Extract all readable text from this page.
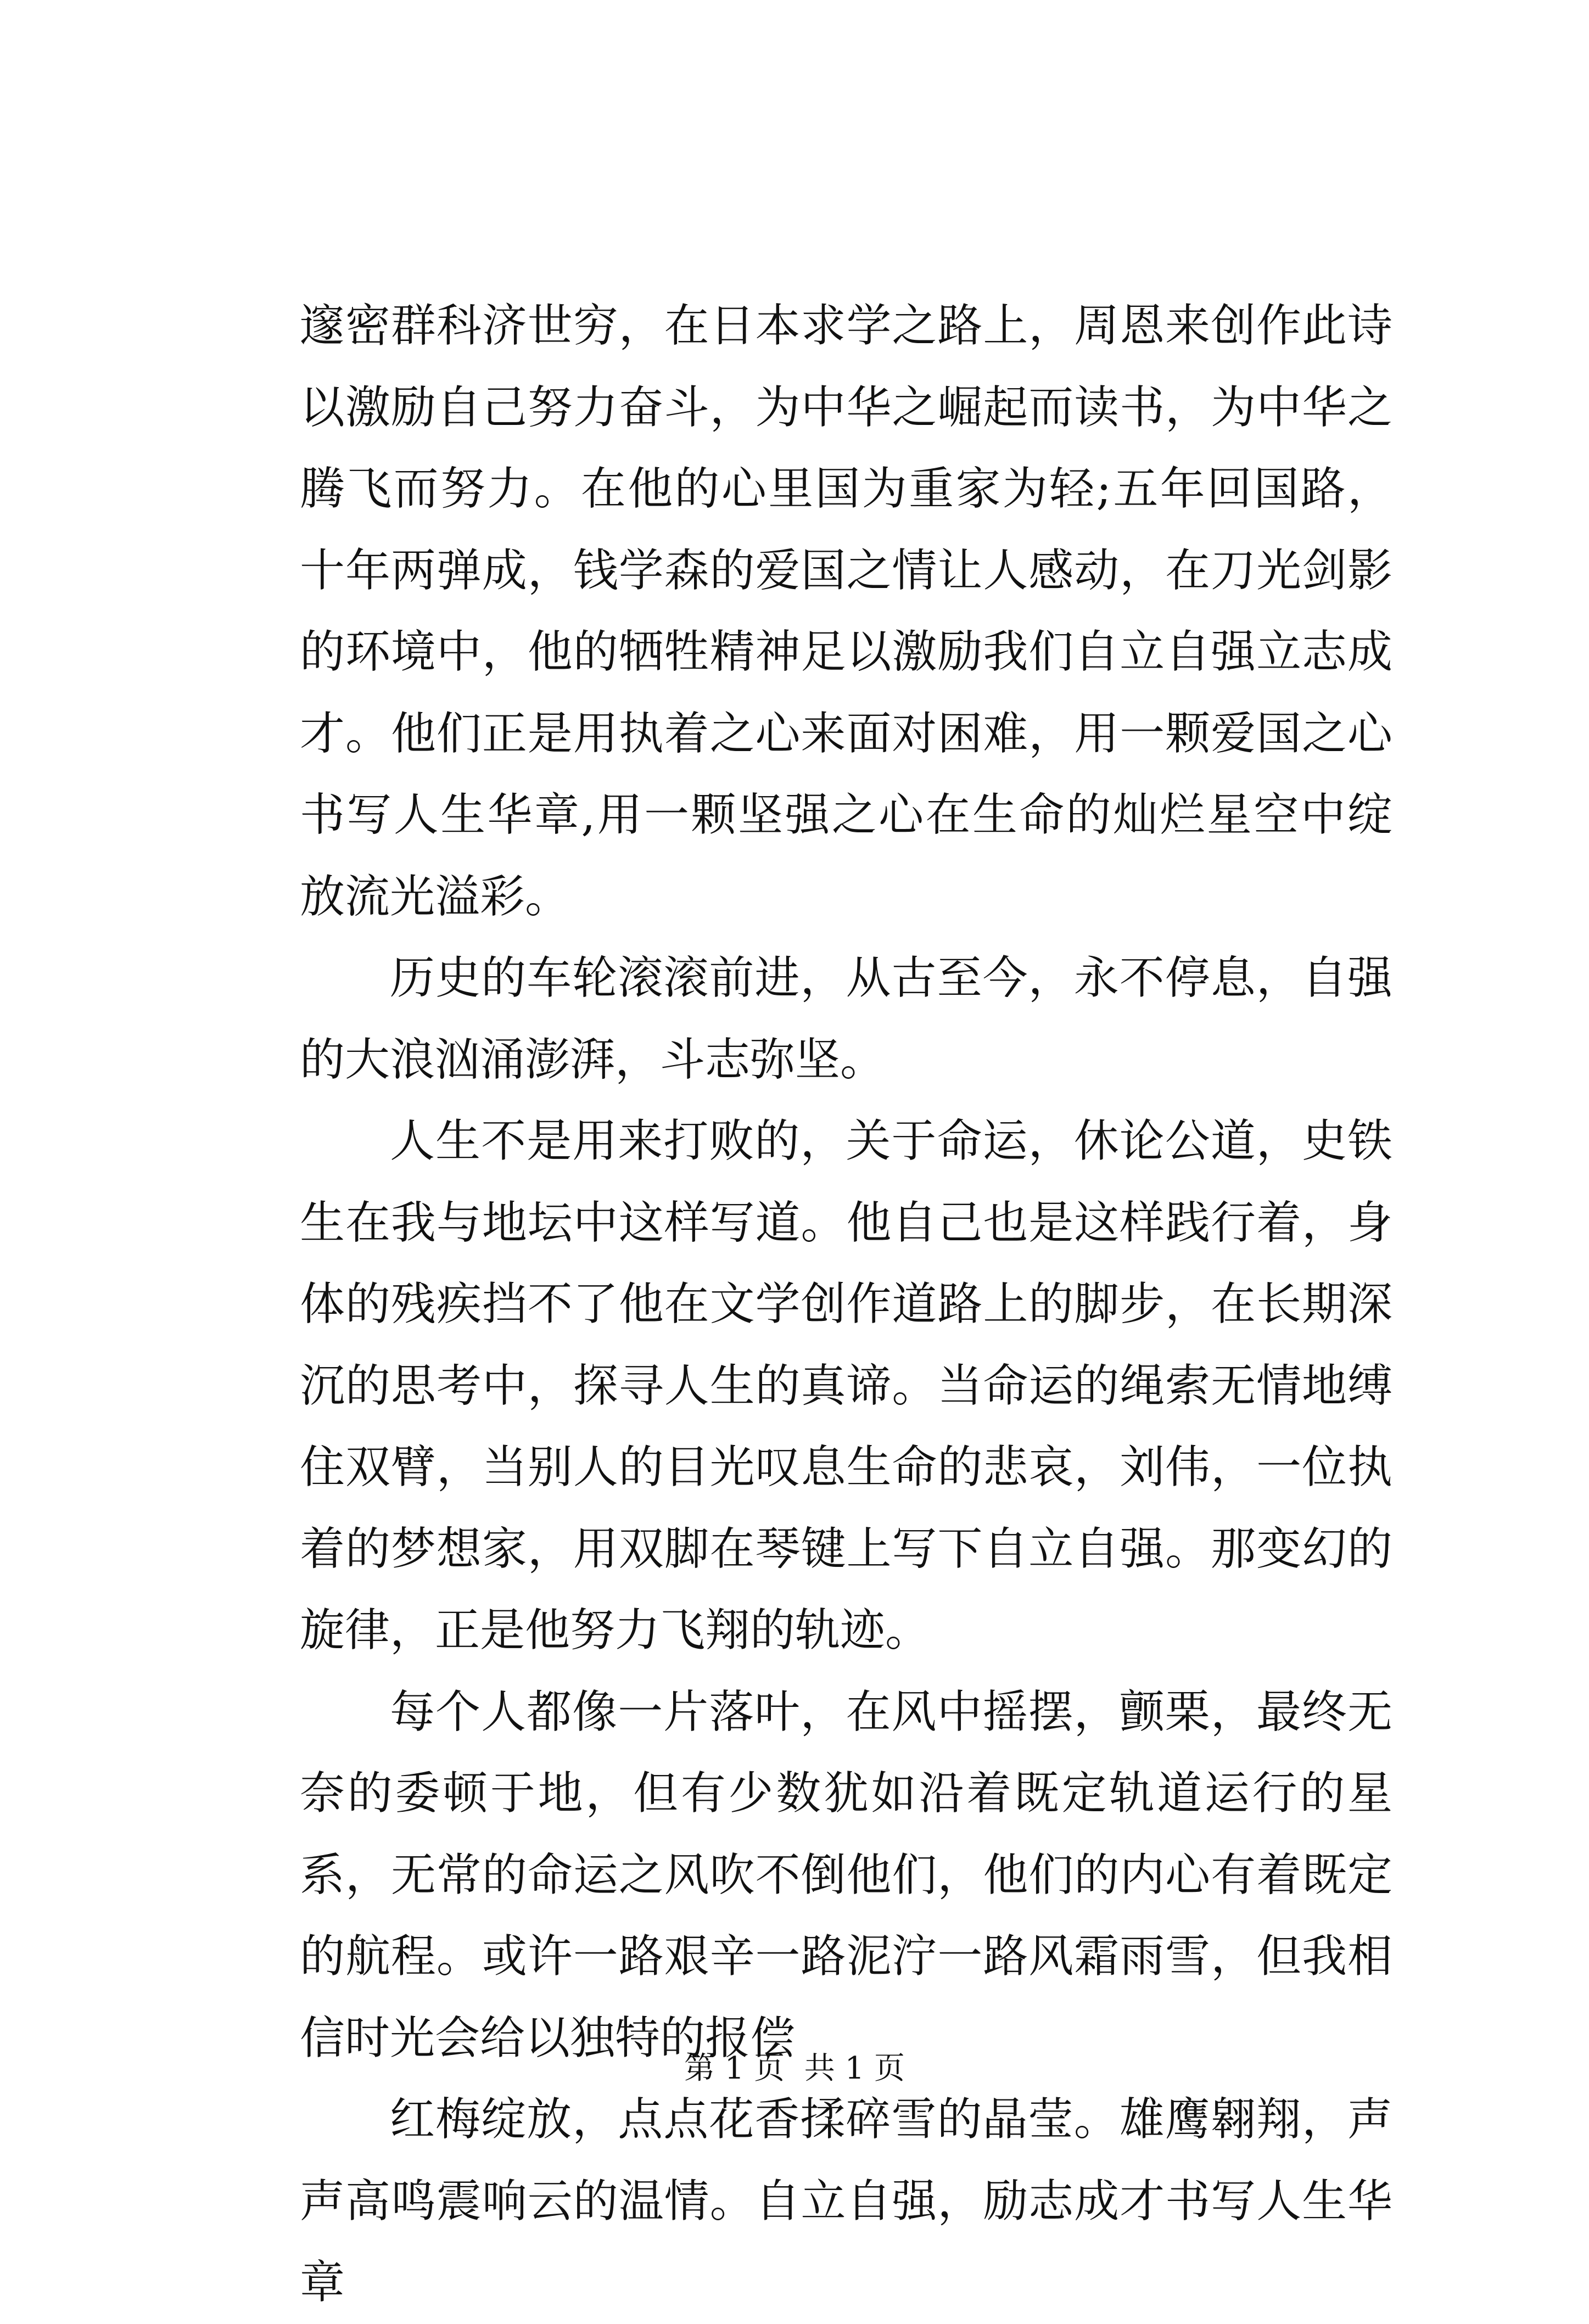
邃密群科济世穷，在日本求学之路上，周恩来创作此诗以激励自己努力奋斗，为中华之崛起而读书，为中华之腾飞而努力。在他的心里国为重家为轻;五年回国路，十年两弹成，钱学森的爱国之情让人感动，在刀光剑影的环境中，他的牺牲精神足以激励我们自立自强立志成才。他们正是用执着之心来面对困难，用一颗爱国之心书写人生华章,用一颗坚强之心在生命的灿烂星空中绽放流光溢彩。

历史的车轮滚滚前进，从古至今，永不停息，自强的大浪汹涌澎湃，斗志弥坚。

人生不是用来打败的，关于命运，休论公道，史铁生在我与地坛中这样写道。他自己也是这样践行着，身体的残疾挡不了他在文学创作道路上的脚步，在长期深沉的思考中，探寻人生的真谛。当命运的绳索无情地缚住双臂，当别人的目光叹息生命的悲哀，刘伟，一位执着的梦想家，用双脚在琴键上写下自立自强。那变幻的旋律，正是他努力飞翔的轨迹。

每个人都像一片落叶，在风中摇摆，颤栗，最终无奈的委顿于地，但有少数犹如沿着既定轨道运行的星系，无常的命运之风吹不倒他们，他们的内心有着既定的航程。或许一路艰辛一路泥泞一路风霜雨雪，但我相信时光会给以独特的报偿

红梅绽放，点点花香揉碎雪的晶莹。雄鹰翱翔，声声高鸣震响云的温情。自立自强，励志成才书写人生华章

第 1 页  共 1 页
